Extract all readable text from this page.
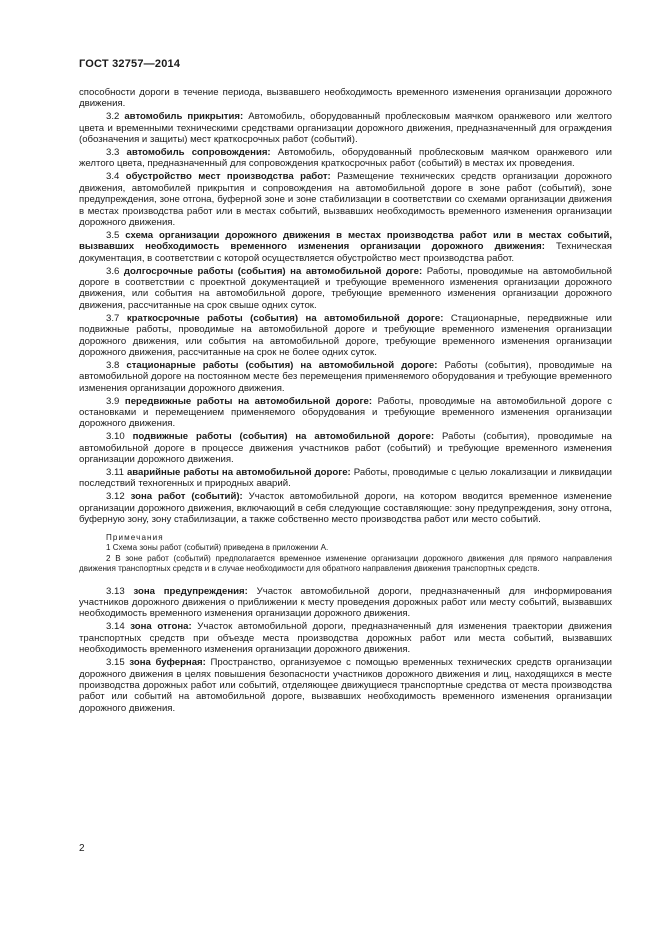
ГОСТ 32757—2014

способности дороги в течение периода, вызвавшего необходимость временного изменения организации дорожного движения.

3.2 автомобиль прикрытия: Автомобиль, оборудованный проблесковым маячком оранжевого или желтого цвета и временными техническими средствами организации дорожного движения, предназначенный для ограждения (обозначения и защиты) мест краткосрочных работ (событий).

3.3 автомобиль сопровождения: Автомобиль, оборудованный проблесковым маячком оранжевого или желтого цвета, предназначенный для сопровождения краткосрочных работ (событий) в местах их проведения.

3.4 обустройство мест производства работ: Размещение технических средств организации дорожного движения, автомобилей прикрытия и сопровождения на автомобильной дороге в зоне работ (событий), зоне предупреждения, зоне отгона, буферной зоне и зоне стабилизации в соответствии со схемами организации движения в местах производства работ или в местах событий, вызвавших необходимость временного изменения организации дорожного движения.

3.5 схема организации дорожного движения в местах производства работ или в местах событий, вызвавших необходимость временного изменения организации дорожного движения: Техническая документация, в соответствии с которой осуществляется обустройство мест производства работ.

3.6 долгосрочные работы (события) на автомобильной дороге: Работы, проводимые на автомобильной дороге в соответствии с проектной документацией и требующие временного изменения организации дорожного движения, или события на автомобильной дороге, требующие временного изменения организации дорожного движения, рассчитанные на срок свыше одних суток.

3.7 краткосрочные работы (события) на автомобильной дороге: Стационарные, передвижные или подвижные работы, проводимые на автомобильной дороге и требующие временного изменения организации дорожного движения, или события на автомобильной дороге, требующие временного изменения организации дорожного движения, рассчитанные на срок не более одних суток.

3.8 стационарные работы (события) на автомобильной дороге: Работы (события), проводимые на автомобильной дороге на постоянном месте без перемещения применяемого оборудования и требующие временного изменения организации дорожного движения.

3.9 передвижные работы на автомобильной дороге: Работы, проводимые на автомобильной дороге с остановками и перемещением применяемого оборудования и требующие временного изменения организации дорожного движения.

3.10 подвижные работы (события) на автомобильной дороге: Работы (события), проводимые на автомобильной дороге в процессе движения участников работ (событий) и требующие временного изменения организации дорожного движения.

3.11 аварийные работы на автомобильной дороге: Работы, проводимые с целью локализации и ликвидации последствий техногенных и природных аварий.

3.12 зона работ (событий): Участок автомобильной дороги, на котором вводится временное изменение организации дорожного движения, включающий в себя следующие составляющие: зону предупреждения, зону отгона, буферную зону, зону стабилизации, а также собственно место производства работ или место событий.

Примечания

1 Схема зоны работ (событий) приведена в приложении А.

2 В зоне работ (событий) предполагается временное изменение организации дорожного движения для прямого направления движения транспортных средств и в случае необходимости для обратного направления движения транспортных средств.

3.13 зона предупреждения: Участок автомобильной дороги, предназначенный для информирования участников дорожного движения о приближении к месту проведения дорожных работ или месту событий, вызвавших необходимость временного изменения организации дорожного движения.

3.14 зона отгона: Участок автомобильной дороги, предназначенный для изменения траектории движения транспортных средств при объезде места производства дорожных работ или места событий, вызвавших необходимость временного изменения организации дорожного движения.

3.15 зона буферная: Пространство, организуемое с помощью временных технических средств организации дорожного движения в целях повышения безопасности участников дорожного движения и лиц, находящихся в месте производства дорожных работ или событий, отделяющее движущиеся транспортные средства от места производства работ или событий на автомобильной дороге, вызвавших необходимость временного изменения организации дорожного движения.

2
